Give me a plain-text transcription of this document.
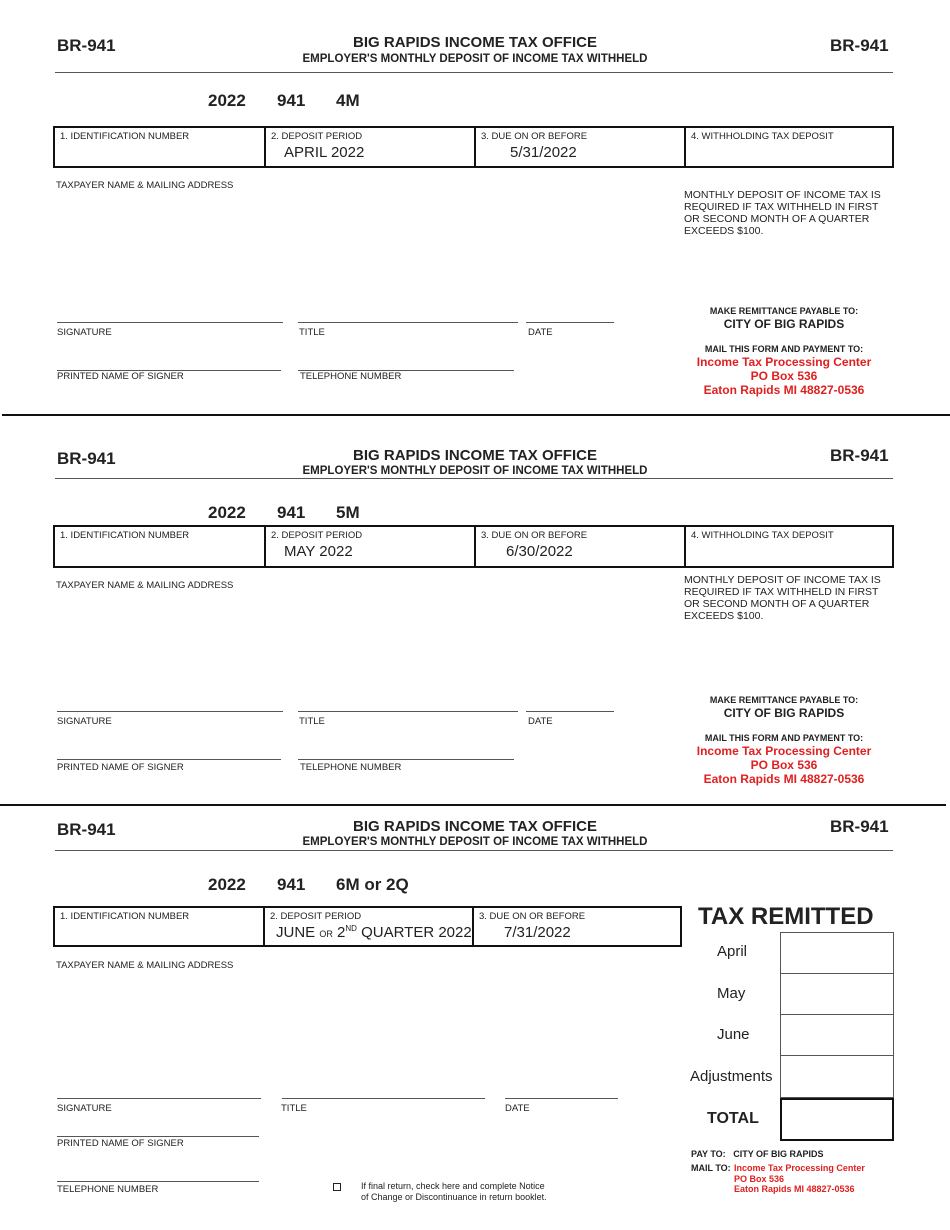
BR-941	BR-941
BIG RAPIDS INCOME TAX OFFICE
EMPLOYER'S MONTHLY DEPOSIT OF INCOME TAX WITHHELD
2022 941 4M
1. IDENTIFICATION NUMBER	2. DEPOSIT PERIOD
APRIL 2022
3. DUE ON OR BEFORE
5/31/2022
4. WITHHOLDING TAX DEPOSIT
TAXPAYER NAME & MAILING ADDRESS
MONTHLY DEPOSIT OF INCOME TAX IS REQUIRED IF TAX WITHHELD IN FIRST OR SECOND MONTH OF A QUARTER EXCEEDS $100.
SIGNATURE	TITLE	DATE
PRINTED NAME OF SIGNER	TELEPHONE NUMBER
MAKE REMITTANCE PAYABLE TO:
CITY OF BIG RAPIDS
MAIL THIS FORM AND PAYMENT TO:
Income Tax Processing Center
PO Box 536
Eaton Rapids MI 48827-0536
BR-941	BR-941
BIG RAPIDS INCOME TAX OFFICE
EMPLOYER'S MONTHLY DEPOSIT OF INCOME TAX WITHHELD
2022 941 5M
1. IDENTIFICATION NUMBER	2. DEPOSIT PERIOD
MAY 2022
3. DUE ON OR BEFORE
6/30/2022
4. WITHHOLDING TAX DEPOSIT
TAXPAYER NAME & MAILING ADDRESS	MONTHLY DEPOSIT OF INCOME TAX IS REQUIRED IF TAX WITHHELD IN FIRST OR SECOND MONTH OF A QUARTER EXCEEDS $100.
SIGNATURE	TITLE	DATE
PRINTED NAME OF SIGNER	TELEPHONE NUMBER
MAKE REMITTANCE PAYABLE TO:
CITY OF BIG RAPIDS
MAIL THIS FORM AND PAYMENT TO:
Income Tax Processing Center
PO Box 536
Eaton Rapids MI 48827-0536
BR-941	BR-941
BIG RAPIDS INCOME TAX OFFICE
EMPLOYER'S MONTHLY DEPOSIT OF INCOME TAX WITHHELD
2022 941 6M or 2Q
1. IDENTIFICATION NUMBER	2. DEPOSIT PERIOD
JUNE OR 2ND QUARTER 2022
3. DUE ON OR BEFORE
7/31/2022
TAXPAYER NAME & MAILING ADDRESS
SIGNATURE	TITLE	DATE
PRINTED NAME OF SIGNER
TELEPHONE NUMBER	If final return, check here and complete Notice
of Change or Discontinuance in return booklet.
TAX REMITTED
April
May
June
Adjustments
TOTAL
PAY TO: CITY OF BIG RAPIDS
MAIL TO: Income Tax Processing Center
PO Box 536
Eaton Rapids MI 48827-0536
